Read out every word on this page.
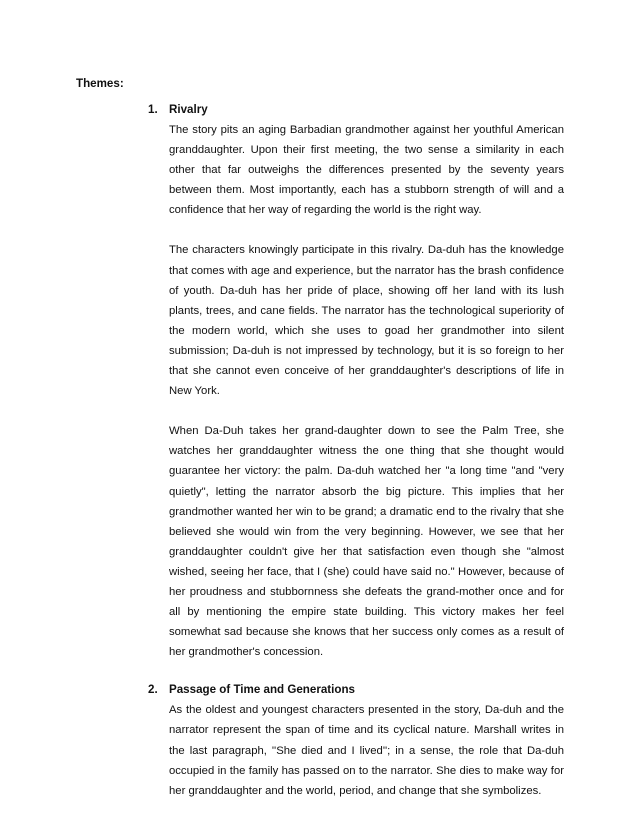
Themes:
1. Rivalry

The story pits an aging Barbadian grandmother against her youthful American granddaughter. Upon their first meeting, the two sense a similarity in each other that far outweighs the differences presented by the seventy years between them. Most importantly, each has a stubborn strength of will and a confidence that her way of regarding the world is the right way.

The characters knowingly participate in this rivalry. Da-duh has the knowledge that comes with age and experience, but the narrator has the brash confidence of youth. Da-duh has her pride of place, showing off her land with its lush plants, trees, and cane fields. The narrator has the technological superiority of the modern world, which she uses to goad her grandmother into silent submission; Da-duh is not impressed by technology, but it is so foreign to her that she cannot even conceive of her granddaughter's descriptions of life in New York.

When Da-Duh takes her grand-daughter down to see the Palm Tree, she watches her granddaughter witness the one thing that she thought would guarantee her victory: the palm. Da-duh watched her "a long time "and "very quietly", letting the narrator absorb the big picture. This implies that her grandmother wanted her win to be grand; a dramatic end to the rivalry that she believed she would win from the very beginning. However, we see that her granddaughter couldn't give her that satisfaction even though she "almost wished, seeing her face, that I (she) could have said no." However, because of her proudness and stubbornness she defeats the grand-mother once and for all by mentioning the empire state building. This victory makes her feel somewhat sad because she knows that her success only comes as a result of her grandmother's concession.

2. Passage of Time and Generations

As the oldest and youngest characters presented in the story, Da-duh and the narrator represent the span of time and its cyclical nature. Marshall writes in the last paragraph, ''She died and I lived''; in a sense, the role that Da-duh occupied in the family has passed on to the narrator. She dies to make way for her granddaughter and the world, period, and change that she symbolizes.
